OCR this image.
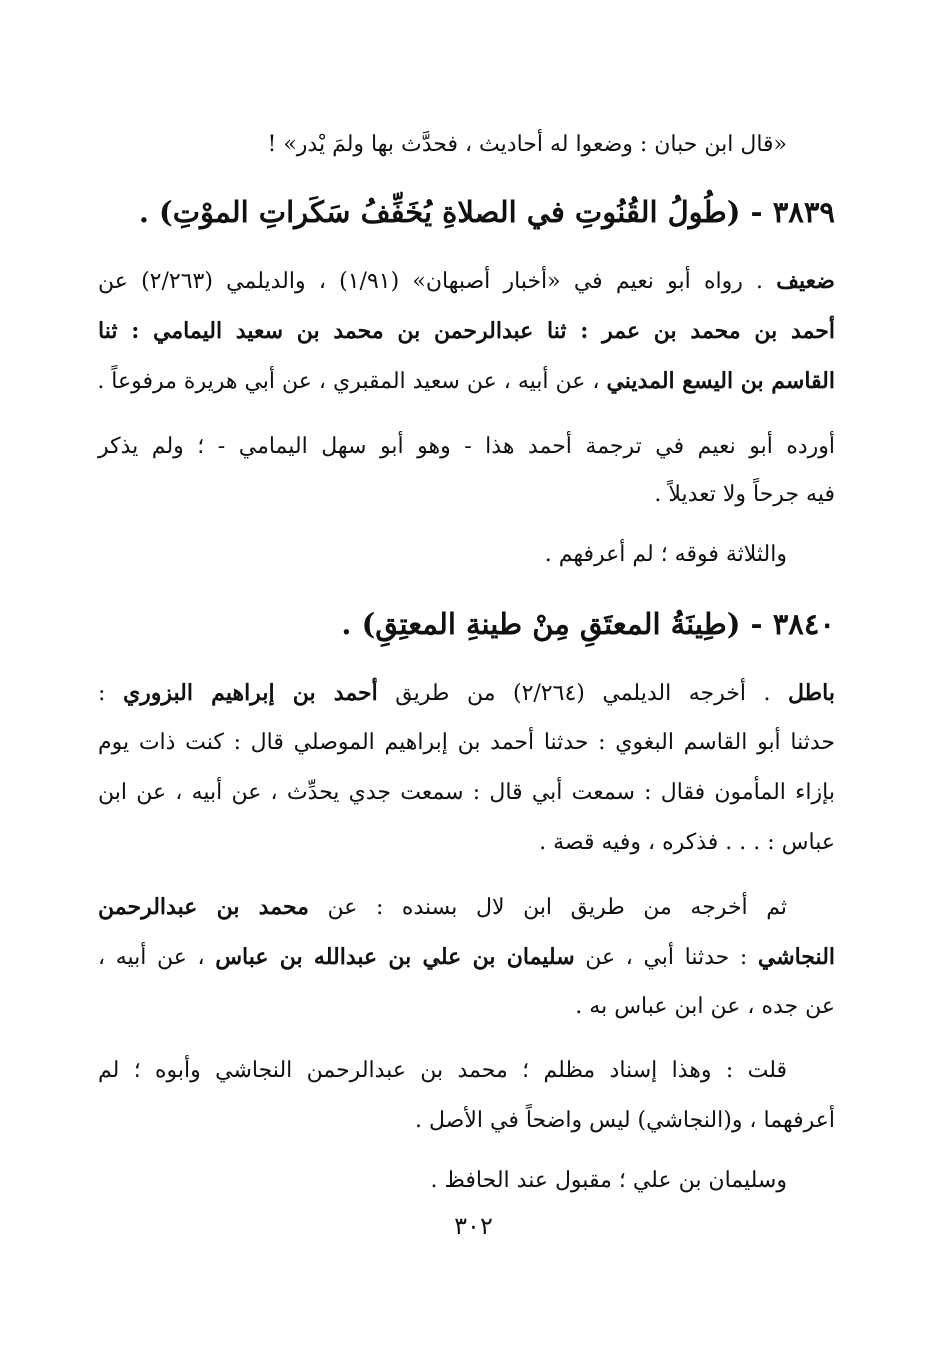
«قال ابن حبان : وضعوا له أحاديث ، فحدَّث بها ولمَ يْدر» !
٣٨٣٩ - (طُولُ القُنُوتِ في الصلاةِ يُخَفِّفُ سَكَراتِ الموْتِ) .
ضعيف . رواه أبو نعيم في «أخبار أصبهان» (١/٩١) ، والديلمي (٢/٢٦٣) عن
أحمد بن محمد بن عمر : ثنا عبدالرحمن بن محمد بن سعيد اليمامي : ثنا
القاسم بن اليسع المديني ، عن أبيه ، عن سعيد المقبري ، عن أبي هريرة مرفوعاً .
أورده أبو نعيم في ترجمة أحمد هذا - وهو أبو سهل اليمامي - ؛ ولم يذكر
فيه جرحاً ولا تعديلاً .
والثلاثة فوقه ؛ لم أعرفهم .
٣٨٤٠ - (طِينَةُ المعتَقِ مِنْ طينةِ المعتِقِ) .
باطل . أخرجه الديلمي (٢/٢٦٤) من طريق أحمد بن إبراهيم البزوري :
حدثنا أبو القاسم البغوي : حدثنا أحمد بن إبراهيم الموصلي قال : كنت ذات يوم
بإزاء المأمون فقال : سمعت أبي قال : سمعت جدي يحدِّث ، عن أبيه ، عن ابن
عباس : . . . فذكره ، وفيه قصة .
ثم أخرجه من طريق ابن لال بسنده : عن محمد بن عبدالرحمن
النجاشي : حدثنا أبي ، عن سليمان بن علي بن عبدالله بن عباس ، عن أبيه ،
عن جده ، عن ابن عباس به .
قلت : وهذا إسناد مظلم ؛ محمد بن عبدالرحمن النجاشي وأبوه ؛ لم
أعرفهما ، و(النجاشي) ليس واضحاً في الأصل .
وسليمان بن علي ؛ مقبول عند الحافظ .
٣٠٢
